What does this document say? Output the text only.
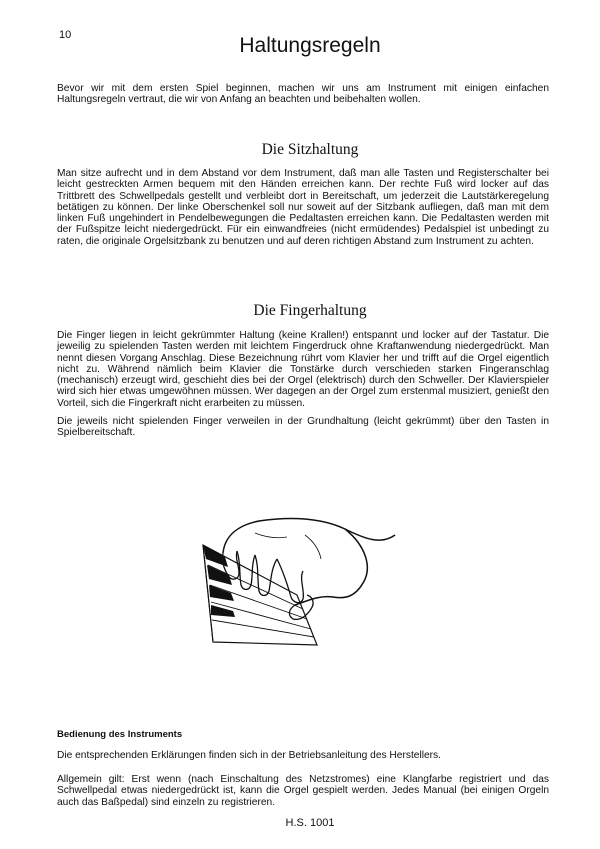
10	Haltungsregeln

Bevor wir mit dem ersten Spiel beginnen, machen wir uns am Instrument mit einigen einfachen Haltungsregeln vertraut, die wir von Anfang an beachten und beibehalten wollen.

Die Sitzhaltung

Man sitze aufrecht und in dem Abstand vor dem Instrument, daß man alle Tasten und Registerschalter bei leicht gestreckten Armen bequem mit den Händen erreichen kann. Der rechte Fuß wird locker auf das Trittbrett des Schwellpedals gestellt und verbleibt dort in Bereitschaft, um jederzeit die Lautstärkeregelung betätigen zu können. Der linke Oberschenkel soll nur soweit auf der Sitzbank aufliegen, daß man mit dem linken Fuß ungehindert in Pendelbewegungen die Pedaltasten erreichen kann. Die Pedaltasten werden mit der Fußspitze leicht niedergedrückt. Für ein einwandfreies (nicht ermüdendes) Pedalspiel ist unbedingt zu raten, die originale Orgelsitzbank zu benutzen und auf deren richtigen Abstand zum Instrument zu achten.

Die Fingerhaltung

Die Finger liegen in leicht gekrümmter Haltung (keine Krallen!) entspannt und locker auf der Tastatur. Die jeweilig zu spielenden Tasten werden mit leichtem Fingerdruck ohne Kraftanwendung niedergedrückt. Man nennt diesen Vorgang Anschlag. Diese Bezeichnung rührt vom Klavier her und trifft auf die Orgel eigentlich nicht zu. Während nämlich beim Klavier die Tonstärke durch verschieden starken Fingeranschlag (mechanisch) erzeugt wird, geschieht dies bei der Orgel (elektrisch) durch den Schweller. Der Klavierspieler wird sich hier etwas umgewöhnen müssen. Wer dagegen an der Orgel zum erstenmal musiziert, genießt den Vorteil, sich die Fingerkraft nicht erarbeiten zu müssen.

Die jeweils nicht spielenden Finger verweilen in der Grundhaltung (leicht gekrümmt) über den Tasten in Spielbereitschaft.

Bedienung des Instruments

Die entsprechenden Erklärungen finden sich in der Betriebsanleitung des Herstellers.

Allgemein gilt: Erst wenn (nach Einschaltung des Netzstromes) eine Klangfarbe registriert und das Schwellpedal etwas niedergedrückt ist, kann die Orgel gespielt werden. Jedes Manual (bei einigen Orgeln auch das Baßpedal) sind einzeln zu registrieren.

H.S. 1001
